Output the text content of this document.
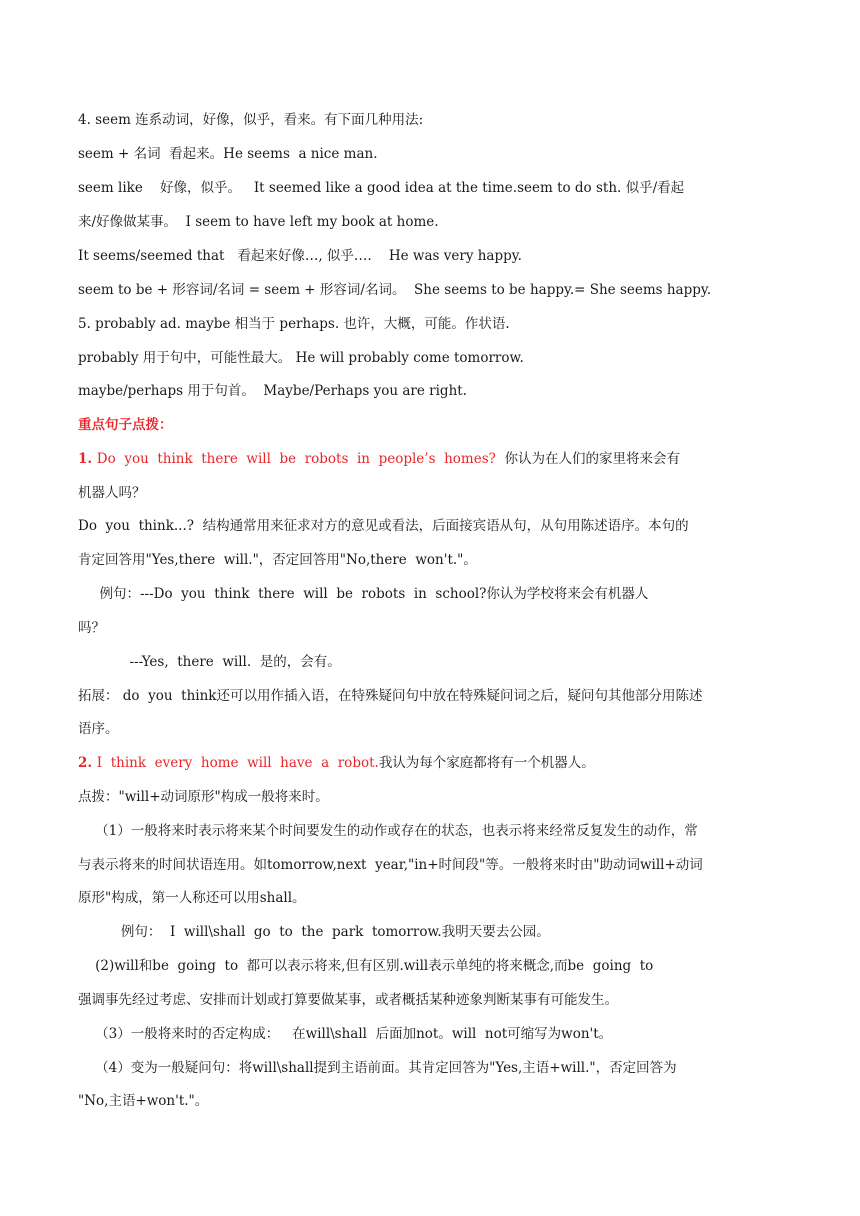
4. seem 连系动词，好像，似乎，看来。有下面几种用法:

seem + 名词  看起来。He seems  a nice man.

seem like    好像，似乎。   It seemed like a good idea at the time.seem to do sth. 似乎/看起

来/好像做某事。  I seem to have left my book at home.

It seems/seemed that   看起来好像…, 似乎….    He was very happy.

seem to be + 形容词/名词 = seem + 形容词/名词。  She seems to be happy.= She seems happy.

5. probably ad. maybe 相当于 perhaps. 也许，大概，可能。作状语.

probably 用于句中，可能性最大。 He will probably come tomorrow.

maybe/perhaps 用于句首。  Maybe/Perhaps you are right.

重点句子点拨：

1. Do  you  think  there  will  be  robots  in  people’s  homes?  你认为在人们的家里将来会有

机器人吗？

Do  you  think...?  结构通常用来征求对方的意见或看法，后面接宾语从句，从句用陈述语序。本句的

肯定回答用"Yes,there  will."，否定回答用"No,there  won't."。

例句：---Do  you  think  there  will  be  robots  in  school?你认为学校将来会有机器人

吗？

---Yes,  there  will.  是的，会有。

拓展： do  you  think还可以用作插入语，在特殊疑问句中放在特殊疑问词之后，疑问句其他部分用陈述

语序。

2. I  think  every  home  will  have  a  robot.我认为每个家庭都将有一个机器人。

点拨："will+动词原形"构成一般将来时。

（1）一般将来时表示将来某个时间要发生的动作或存在的状态，也表示将来经常反复发生的动作，常

与表示将来的时间状语连用。如tomorrow,next  year,"in+时间段"等。一般将来时由"助动词will+动词

原形"构成，第一人称还可以用shall。

例句：  I  will\shall  go  to  the  park  tomorrow.我明天要去公园。

(2)will和be  going  to  都可以表示将来,但有区别.will表示单纯的将来概念,而be  going  to

强调事先经过考虑、安排而计划或打算要做某事，或者概括某种迹象判断某事有可能发生。

（3）一般将来时的否定构成：   在will\shall  后面加not。will  not可缩写为won't。

（4）变为一般疑问句：将will\shall提到主语前面。其肯定回答为"Yes,主语+will."，否定回答为

"No,主语+won't."。
